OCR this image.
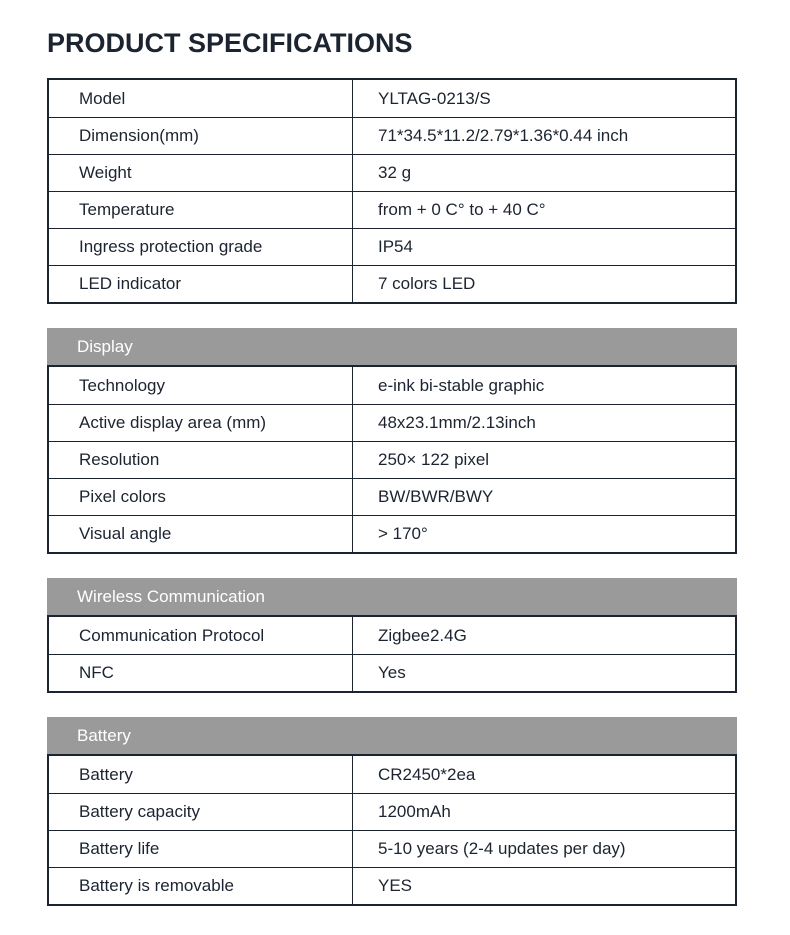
PRODUCT SPECIFICATIONS
Model	YLTAG-0213/S
Dimension(mm)	71*34.5*11.2/2.79*1.36*0.44 inch
Weight	32 g
Temperature	from + 0 C° to + 40 C°
Ingress protection grade	IP54
LED indicator	7 colors LED
Display
Technology	e-ink bi-stable graphic
Active display area (mm)	48x23.1mm/2.13inch
Resolution	250× 122 pixel
Pixel colors	BW/BWR/BWY
Visual angle	> 170°
Wireless Communication
Communication Protocol	Zigbee2.4G
NFC	Yes
Battery
Battery	CR2450*2ea
Battery capacity	1200mAh
Battery life	5-10 years (2-4 updates per day)
Battery is removable	YES
